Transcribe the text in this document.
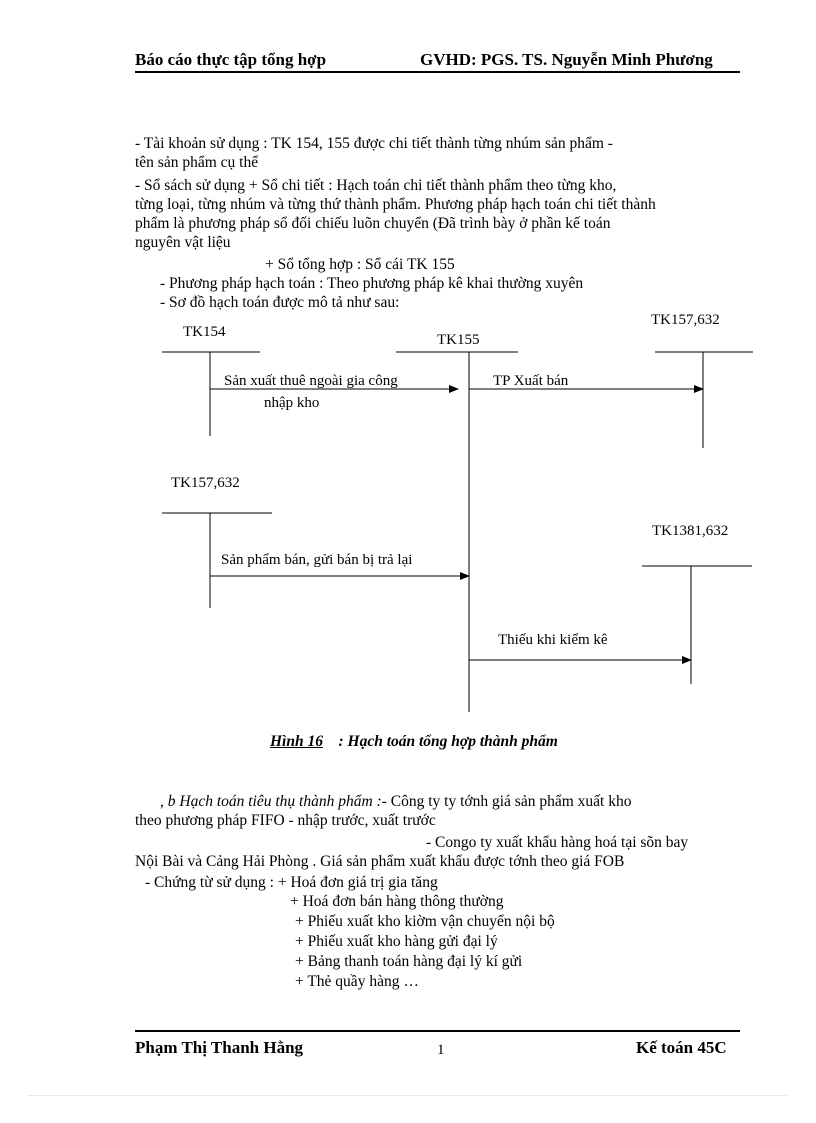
Báo cáo thực tập tổng hợp	GVHD: PGS. TS. Nguyễn Minh Phương
- Tài khoản sử dụng : TK 154, 155 được chi tiết thành từng nhúm sản phẩm -
tên sản phẩm cụ thể
- Sổ sách sử dụng + Sổ chi tiết : Hạch toán chi tiết thành phẩm theo từng kho,
từng loại, từng nhúm và từng thứ thành phẩm. Phương pháp hạch toán chi tiết thành
phẩm là phương pháp sổ đối chiếu luõn chuyển (Đã trình bày ở phần kế toán
nguyên vật liệu
+ Sổ tổng hợp : Sổ cái TK 155
- Phương pháp hạch toán : Theo phương pháp kê khai thường xuyên
- Sơ đồ hạch toán được mô tả như sau:
TK154	TK155
TK157,632
TK157,632
TK1381,632
Sản xuất thuê ngoài gia công
nhập kho
TP Xuất bán
Sản phẩm bán, gửi bán bị trả lại
Thiếu khi kiểm kê
Hình 16 : Hạch toán tổng hợp thành phẩm
, b Hạch toán tiêu thụ thành phẩm :- Công ty ty tớnh giá sản phẩm xuất kho
theo phương pháp FIFO - nhập trước, xuất trước
- Congo ty xuất khẩu hàng hoá tại sõn bay
Nội Bài và Cảng Hải Phòng . Giá sản phẩm xuất khẩu được tớnh theo giá FOB
- Chứng từ sử dụng : + Hoá đơn giá trị gia tăng
+ Hoá đơn bán hàng thông thường
+ Phiếu xuất kho kiờm vận chuyển nội bộ
+ Phiếu xuất kho hàng gửi đại lý
+ Bảng thanh toán hàng đại lý kí gửi
+ Thẻ quầy hàng …
Phạm Thị Thanh Hằng	1	Kế toán 45C
